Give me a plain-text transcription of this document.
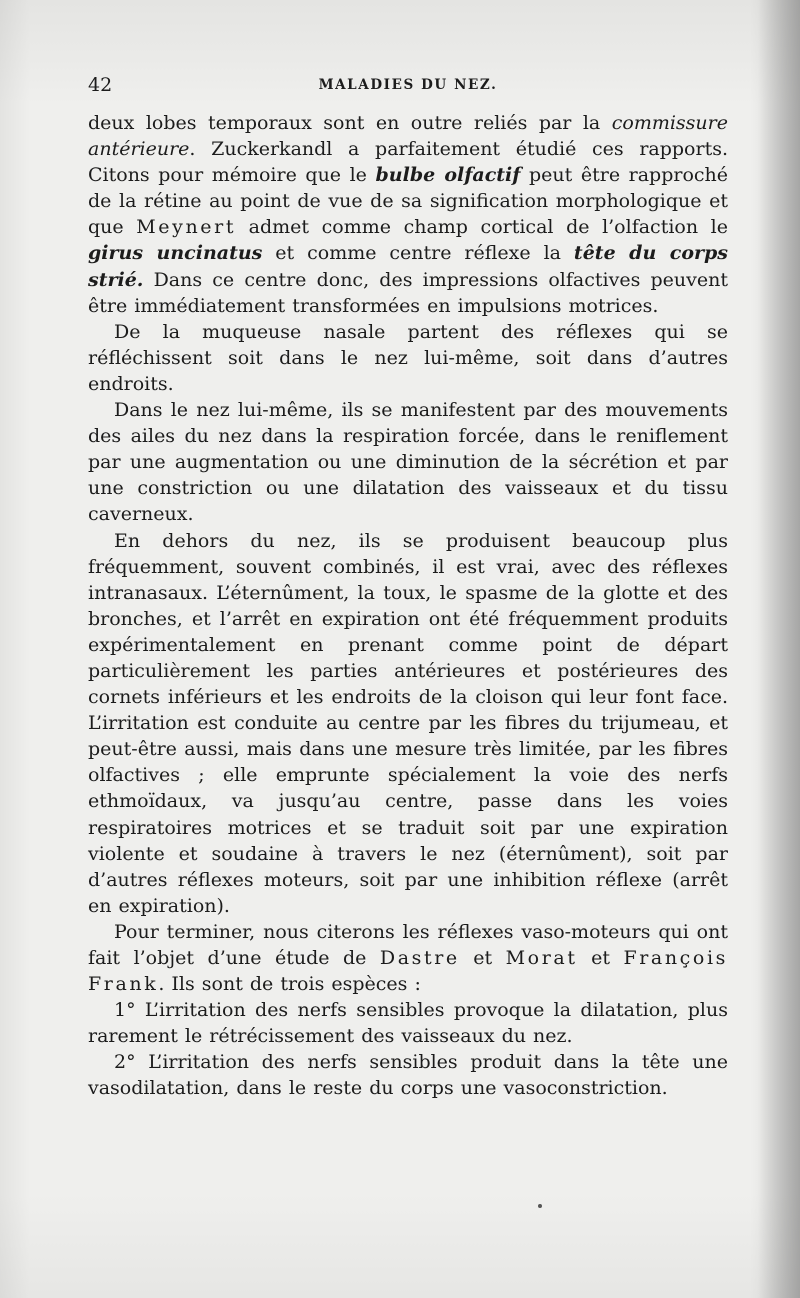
42	MALADIES DU NEZ.

deux lobes temporaux sont en outre reliés par la commissure antérieure. Zuckerkandl a parfaitement étudié ces rapports. Citons pour mémoire que le bulbe olfactif peut être rapproché de la rétine au point de vue de sa signification morphologique et que Meynert admet comme champ cortical de l’olfaction le girus uncinatus et comme centre réflexe la tête du corps strié. Dans ce centre donc, des impressions olfactives peuvent être immédiatement transformées en impulsions motrices.

De la muqueuse nasale partent des réflexes qui se réfléchissent soit dans le nez lui-même, soit dans d’autres endroits.

Dans le nez lui-même, ils se manifestent par des mouvements des ailes du nez dans la respiration forcée, dans le reniflement par une augmentation ou une diminution de la sécrétion et par une constriction ou une dilatation des vaisseaux et du tissu caverneux.

En dehors du nez, ils se produisent beaucoup plus fréquemment, souvent combinés, il est vrai, avec des réflexes intranasaux. L’éternûment, la toux, le spasme de la glotte et des bronches, et l’arrêt en expiration ont été fréquemment produits expérimentalement en prenant comme point de départ particulièrement les parties antérieures et postérieures des cornets inférieurs et les endroits de la cloison qui leur font face. L’irritation est conduite au centre par les fibres du trijumeau, et peut-être aussi, mais dans une mesure très limitée, par les fibres olfactives ; elle emprunte spécialement la voie des nerfs ethmoïdaux, va jusqu’au centre, passe dans les voies respiratoires motrices et se traduit soit par une expiration violente et soudaine à travers le nez (éternûment), soit par d’autres réflexes moteurs, soit par une inhibition réflexe (arrêt en expiration).

Pour terminer, nous citerons les réflexes vaso-moteurs qui ont fait l’objet d’une étude de Dastre et Morat et François Frank. Ils sont de trois espèces :

1° L’irritation des nerfs sensibles provoque la dilatation, plus rarement le rétrécissement des vaisseaux du nez.

2° L’irritation des nerfs sensibles produit dans la tête une vasodilatation, dans le reste du corps une vasoconstriction.
